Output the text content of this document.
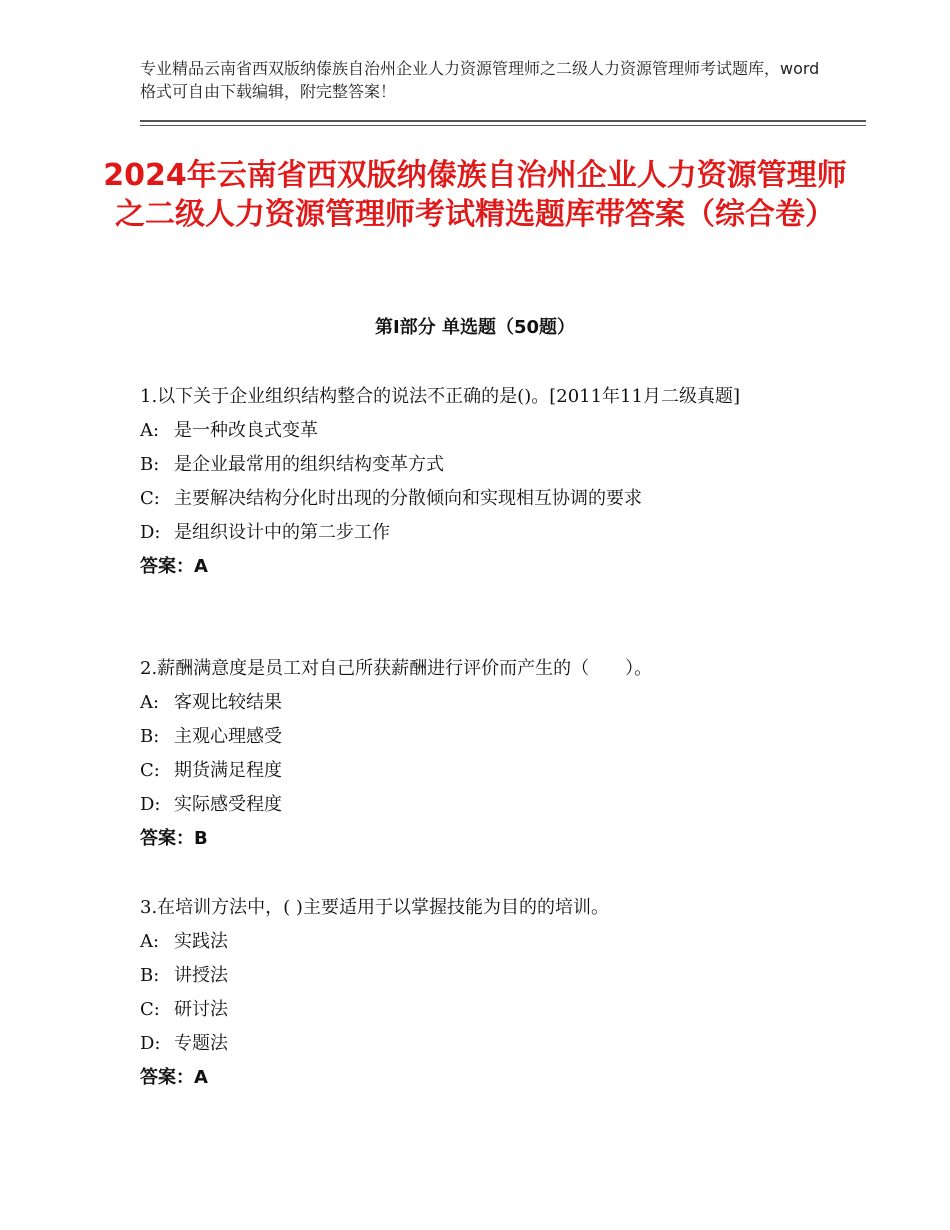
专业精品云南省西双版纳傣族自治州企业人力资源管理师之二级人力资源管理师考试题库，word格式可自由下载编辑，附完整答案！
2024年云南省西双版纳傣族自治州企业人力资源管理师之二级人力资源管理师考试精选题库带答案（综合卷）
第Ⅰ部分 单选题（50题）

1.以下关于企业组织结构整合的说法不正确的是()。[2011年11月二级真题]

A: 是一种改良式变革
B: 是企业最常用的组织结构变革方式
C: 主要解决结构分化时出现的分散倾向和实现相互协调的要求
D: 是组织设计中的第二步工作

答案：A

2.薪酬满意度是员工对自己所获薪酬进行评价而产生的（　　）。

A: 客观比较结果
B: 主观心理感受
C: 期货满足程度
D: 实际感受程度

答案：B

3.在培训方法中，( )主要适用于以掌握技能为目的的培训。

A: 实践法
B: 讲授法
C: 研讨法
D: 专题法

答案：A
